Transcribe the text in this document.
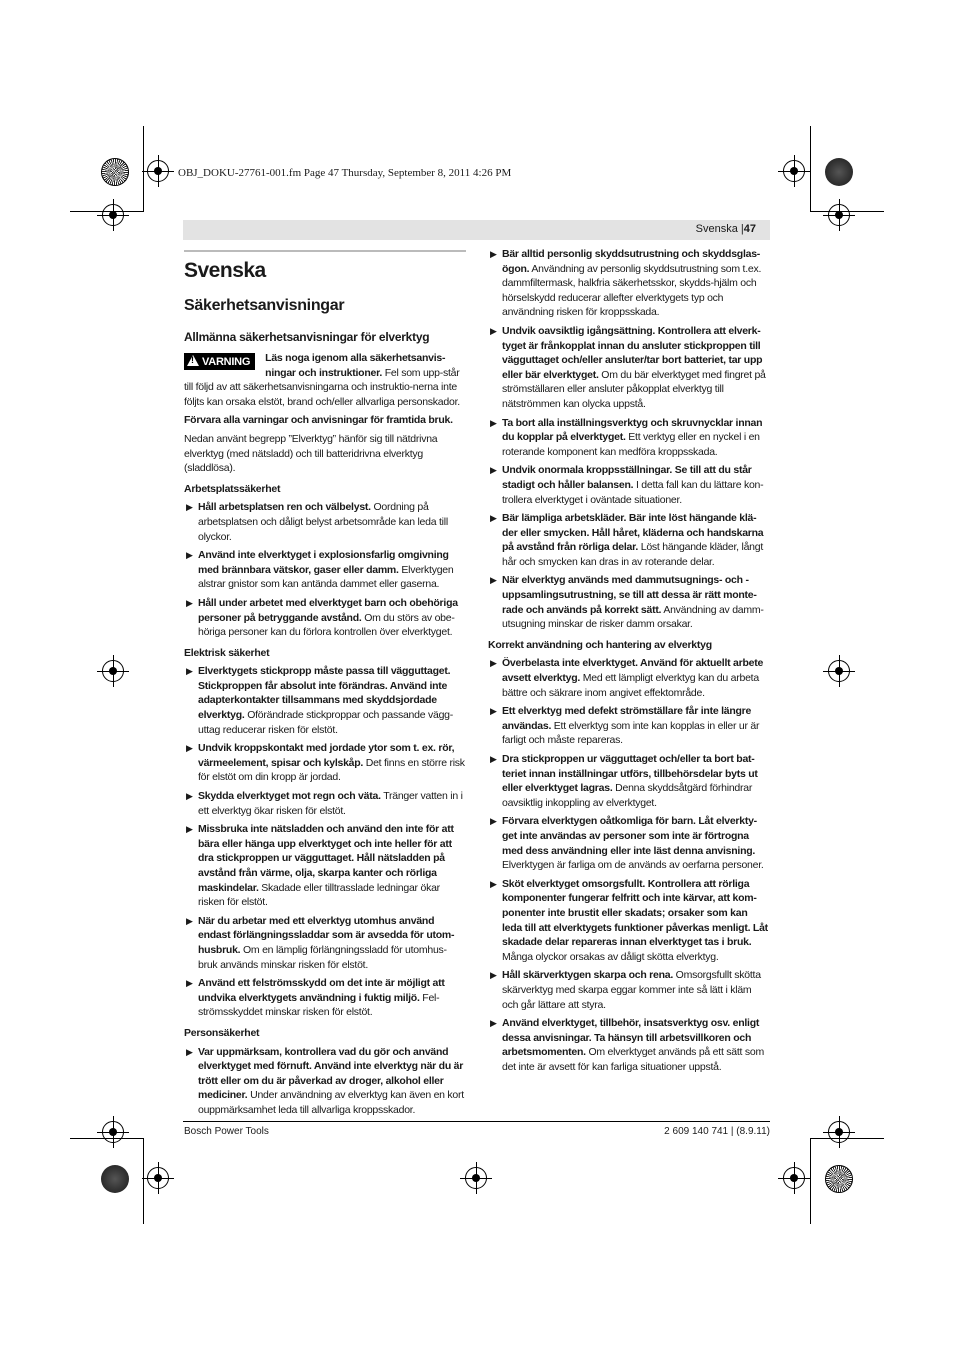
OBJ_DOKU-27761-001.fm Page 47 Thursday, September 8, 2011 4:26 PM
Svenska |47
Svenska
Säkerhetsanvisningar
Allmänna säkerhetsanvisningar för elverktyg
!VARNING	Läs noga igenom alla säkerhetsanvis-ningar och instruktioner. Fel som upp-står till följd av att säkerhetsanvisningarna och instruktio-nerna inte följts kan orsaka elstöt, brand och/eller allvarliga personskador.

Förvara alla varningar och anvisningar för framtida bruk.

Nedan använt begrepp ”Elverktyg” hänför sig till nätdrivna elverktyg (med nätsladd) och till batteridrivna elverktyg (sladdlösa).

Arbetsplatssäkerhet
▶ Håll arbetsplatsen ren och välbelyst. Oordning på arbetsplatsen och dåligt belyst arbetsområde kan leda till olyckor.
▶ Använd inte elverktyget i explosionsfarlig omgivning med brännbara vätskor, gaser eller damm. Elverktygen alstrar gnistor som kan antända dammet eller gaserna.
▶ Håll under arbetet med elverktyget barn och obehöriga personer på betryggande avstånd. Om du störs av obe-höriga personer kan du förlora kontrollen över elverktyget.
Elektrisk säkerhet
▶ Elverktygets stickpropp måste passa till vägguttaget. Stickproppen får absolut inte förändras. Använd inte adapterkontakter tillsammans med skyddsjordade elverktyg. Oförändrade stickproppar och passande vägg-uttag reducerar risken för elstöt.
▶ Undvik kroppskontakt med jordade ytor som t. ex. rör, värmeelement, spisar och kylskåp. Det finns en större risk för elstöt om din kropp är jordad.
▶ Skydda elverktyget mot regn och väta. Tränger vatten in i ett elverktyg ökar risken för elstöt.
▶ Missbruka inte nätsladden och använd den inte för att bära eller hänga upp elverktyget och inte heller för att dra stickproppen ur vägguttaget. Håll nätsladden på avstånd från värme, olja, skarpa kanter och rörliga maskindelar. Skadade eller tilltrasslade ledningar ökar risken för elstöt.
▶ När du arbetar med ett elverktyg utomhus använd endast förlängningssladdar som är avsedda för utom-husbruk. Om en lämplig förlängningssladd för utomhus-bruk används minskar risken för elstöt.
▶ Använd ett felströmsskydd om det inte är möjligt att undvika elverktygets användning i fuktig miljö. Fel-strömsskyddet minskar risken för elstöt.
Personsäkerhet
▶ Var uppmärksam, kontrollera vad du gör och använd elverktyget med förnuft. Använd inte elverktyg när du är trött eller om du är påverkad av droger, alkohol eller mediciner. Under användning av elverktyg kan även en kort ouppmärksamhet leda till allvarliga kroppsskador.
▶ Bär alltid personlig skyddsutrustning och skyddsglas-ögon. Användning av personlig skyddsutrustning som t.ex. dammfiltermask, halkfria säkerhetsskor, skydds-hjälm och hörselskydd reducerar allefter elverktygets typ och användning risken för kroppsskada.
▶ Undvik oavsiktlig igångsättning. Kontrollera att elverk-tyget är frånkopplat innan du ansluter stickproppen till vägguttaget och/eller ansluter/tar bort batteriet, tar upp eller bär elverktyget. Om du bär elverktyget med fingret på strömställaren eller ansluter påkopplat elverktyg till nätströmmen kan olycka uppstå.
▶ Ta bort alla inställningsverktyg och skruvnycklar innan du kopplar på elverktyget. Ett verktyg eller en nyckel i en roterande komponent kan medföra kroppsskada.
▶ Undvik onormala kroppsställningar. Se till att du står stadigt och håller balansen. I detta fall kan du lättare kon-trollera elverktyget i oväntade situationer.
▶ Bär lämpliga arbetskläder. Bär inte löst hängande klä-der eller smycken. Håll håret, kläderna och handskarna på avstånd från rörliga delar. Löst hängande kläder, långt hår och smycken kan dras in av roterande delar.
▶ När elverktyg används med dammutsugnings- och -uppsamlingsutrustning, se till att dessa är rätt monte-rade och används på korrekt sätt. Användning av damm-utsugning minskar de risker damm orsakar.
Korrekt användning och hantering av elverktyg
▶ Överbelasta inte elverktyget. Använd för aktuellt arbete avsett elverktyg. Med ett lämpligt elverktyg kan du arbeta bättre och säkrare inom angivet effektområde.
▶ Ett elverktyg med defekt strömställare får inte längre användas. Ett elverktyg som inte kan kopplas in eller ur är farligt och måste repareras.
▶ Dra stickproppen ur vägguttaget och/eller ta bort bat-teriet innan inställningar utförs, tillbehörsdelar byts ut eller elverktyget lagras. Denna skyddsåtgärd förhindrar oavsiktlig inkoppling av elverktyget.
▶ Förvara elverktygen oåtkomliga för barn. Låt elverkty-get inte användas av personer som inte är förtrogna med dess användning eller inte läst denna anvisning. Elverktygen är farliga om de används av oerfarna personer.
▶ Sköt elverktyget omsorgsfullt. Kontrollera att rörliga komponenter fungerar felfritt och inte kärvar, att kom-ponenter inte brustit eller skadats; orsaker som kan leda till att elverktygets funktioner påverkas menligt. Låt skadade delar repareras innan elverktyget tas i bruk. Många olyckor orsakas av dåligt skötta elverktyg.
▶ Håll skärverktygen skarpa och rena. Omsorgsfullt skötta skärverktyg med skarpa eggar kommer inte så lätt i kläm och går lättare att styra.
▶ Använd elverktyget, tillbehör, insatsverktyg osv. enligt dessa anvisningar. Ta hänsyn till arbetsvillkoren och arbetsmomenten. Om elverktyget används på ett sätt som det inte är avsett för kan farliga situationer uppstå.
Bosch Power Tools	2 609 140 741 | (8.9.11)
